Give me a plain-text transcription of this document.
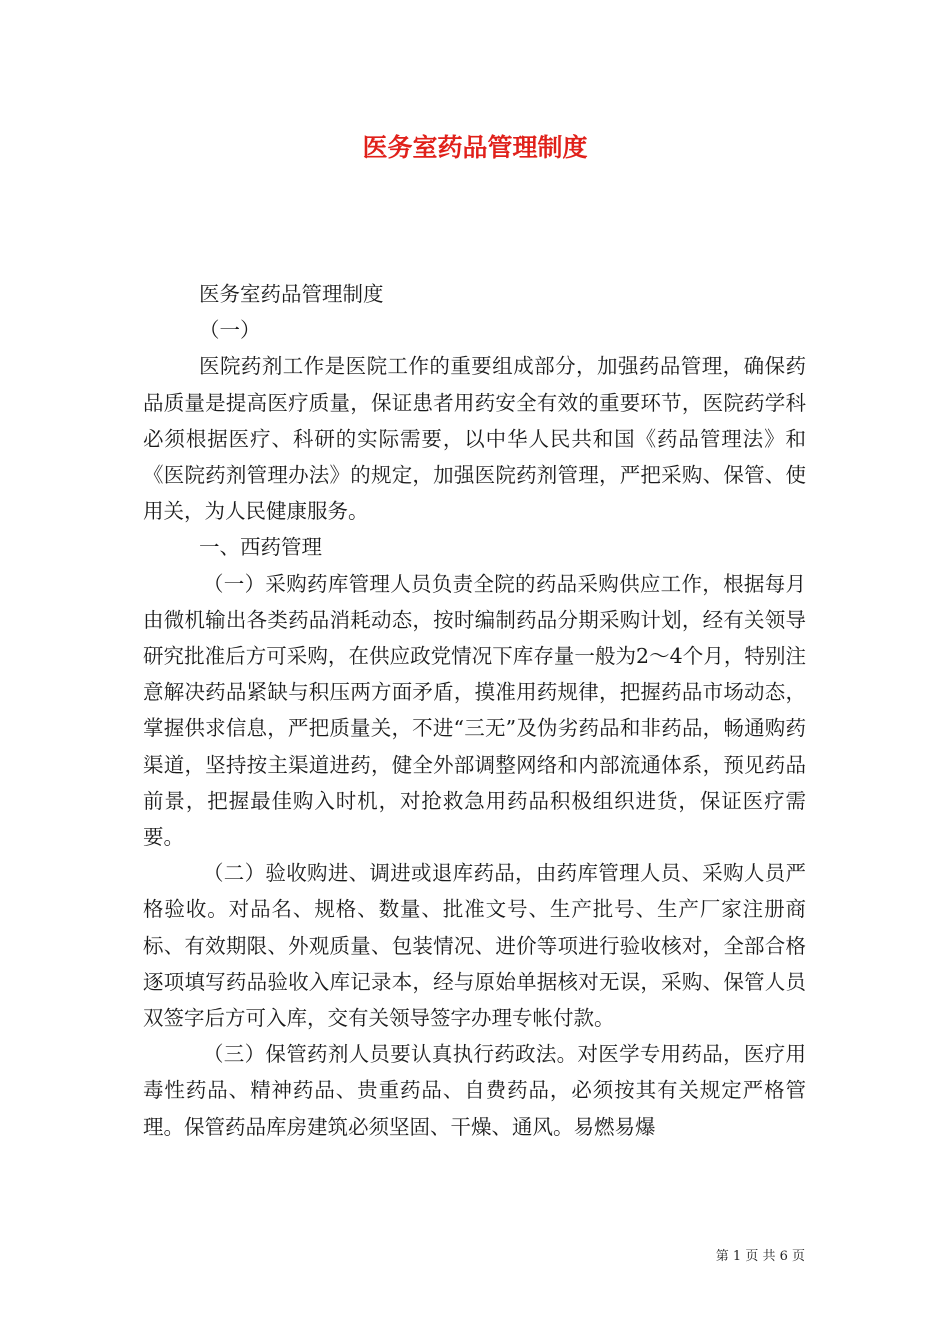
医务室药品管理制度

医务室药品管理制度

（一）

医院药剂工作是医院工作的重要组成部分，加强药品管理，确保药品质量是提高医疗质量，保证患者用药安全有效的重要环节，医院药学科必须根据医疗、科研的实际需要，以中华人民共和国《药品管理法》和《医院药剂管理办法》的规定，加强医院药剂管理，严把采购、保管、使用关，为人民健康服务。

一、西药管理

（一）采购药库管理人员负责全院的药品采购供应工作，根据每月由微机输出各类药品消耗动态，按时编制药品分期采购计划，经有关领导研究批准后方可采购，在供应政党情况下库存量一般为2～4个月，特别注意解决药品紧缺与积压两方面矛盾，摸准用药规律，把握药品市场动态，掌握供求信息，严把质量关，不进“三无”及伪劣药品和非药品，畅通购药渠道，坚持按主渠道进药，健全外部调整网络和内部流通体系，预见药品前景，把握最佳购入时机，对抢救急用药品积极组织进货，保证医疗需要。

（二）验收购进、调进或退库药品，由药库管理人员、采购人员严格验收。对品名、规格、数量、批准文号、生产批号、生产厂家注册商标、有效期限、外观质量、包装情况、进价等项进行验收核对，全部合格逐项填写药品验收入库记录本，经与原始单据核对无误，采购、保管人员双签字后方可入库，交有关领导签字办理专帐付款。

（三）保管药剂人员要认真执行药政法。对医学专用药品，医疗用毒性药品、精神药品、贵重药品、自费药品，必须按其有关规定严格管理。保管药品库房建筑必须坚固、干燥、通风。易燃易爆

第 1 页 共 6 页
